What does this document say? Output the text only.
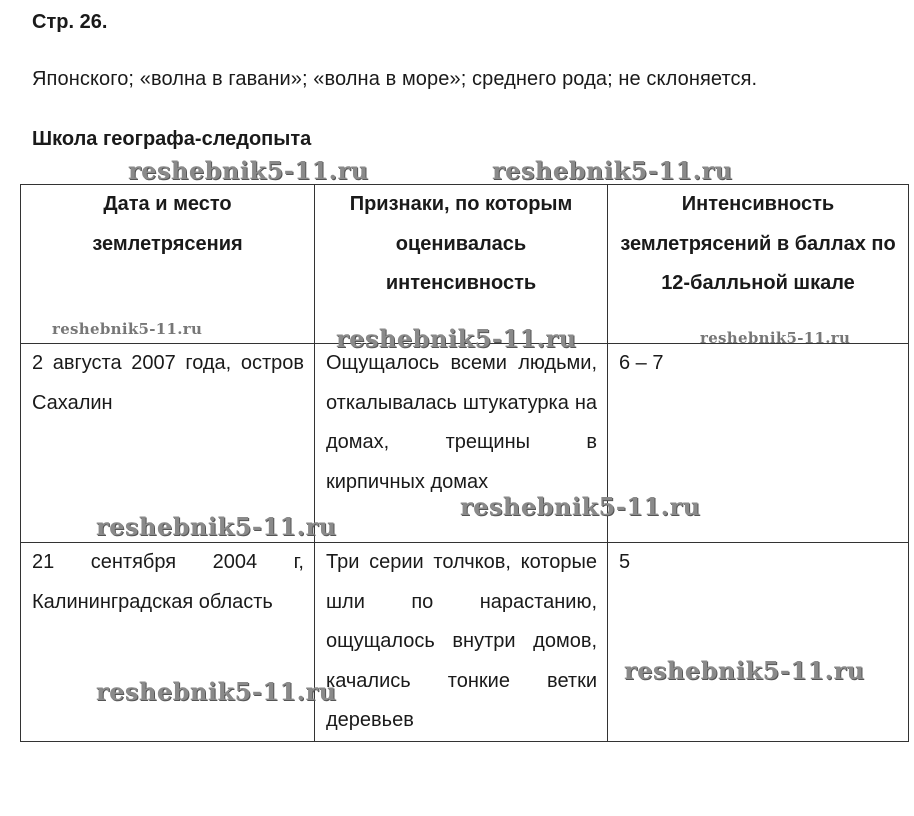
Стр. 26.
Японского; «волна в гавани»; «волна в море»; среднего рода; не склоняется.
Школа географа-следопыта
Дата и место землетрясения	Признаки, по которым оценивалась интенсивность	Интенсивность землетрясений в баллах по 12-балльной шкале
2 августа 2007 года, остров Сахалин	Ощущалось всеми людьми, откалывалась штукатурка на домах, трещины в кирпичных домах	6 – 7
21 сентября 2004 г, Калининградская область	Три серии толчков, которые шли по нарастанию, ощущалось внутри домов, качались тонкие ветки деревьев	5
reshebnik5-11.ru	reshebnik5-11.ru
reshebnik5-11.ru	reshebnik5-11.ru	reshebnik5-11.ru
reshebnik5-11.ru
reshebnik5-11.ru
reshebnik5-11.ru
reshebnik5-11.ru
